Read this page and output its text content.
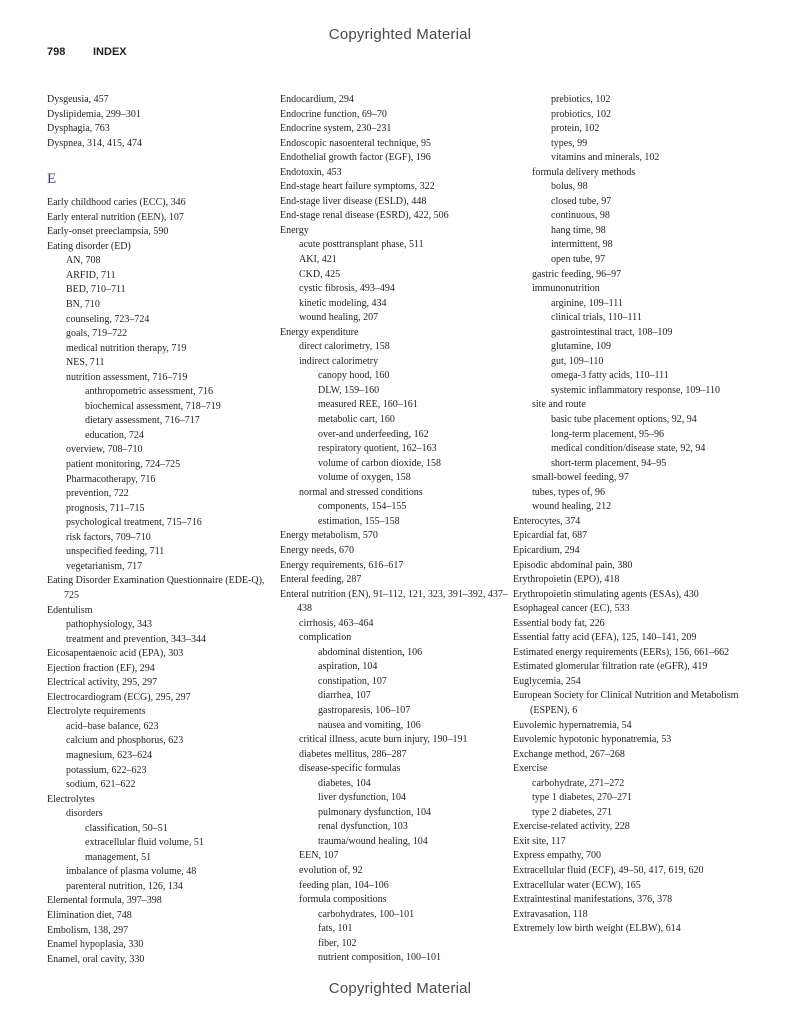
Copyrighted Material
798	INDEX
Dysgeusia, 457
Dyslipidemia, 299–301
Dysphagia, 763
Dyspnea, 314, 415, 474
E
Early childhood caries (ECC), 346
Early enteral nutrition (EEN), 107
Early-onset preeclampsia, 590
Eating disorder (ED)
AN, 708
ARFID, 711
BED, 710–711
BN, 710
counseling, 723–724
goals, 719–722
medical nutrition therapy, 719
NES, 711
nutrition assessment, 716–719
anthropometric assessment, 716
biochemical assessment, 718–719
dietary assessment, 716–717
education, 724
overview, 708–710
patient monitoring, 724–725
Pharmacotherapy, 716
prevention, 722
prognosis, 711–715
psychological treatment, 715–716
risk factors, 709–710
unspecified feeding, 711
vegetarianism, 717
Eating Disorder Examination Questionnaire (EDE-Q), 725
Edentulism
pathophysiology, 343
treatment and prevention, 343–344
Eicosapentaenoic acid (EPA), 303
Ejection fraction (EF), 294
Electrical activity, 295, 297
Electrocardiogram (ECG), 295, 297
Electrolyte requirements
acid–base balance, 623
calcium and phosphorus, 623
magnesium, 623–624
potassium, 622–623
sodium, 621–622
Electrolytes
disorders
classification, 50–51
extracellular fluid volume, 51
management, 51
imbalance of plasma volume, 48
parenteral nutrition, 126, 134
Elemental formula, 397–398
Elimination diet, 748
Embolism, 138, 297
Enamel hypoplasia, 330
Enamel, oral cavity, 330
Endocardium, 294
Endocrine function, 69–70
Endocrine system, 230–231
Endoscopic nasoenteral technique, 95
Endothelial growth factor (EGF), 196
Endotoxin, 453
End-stage heart failure symptoms, 322
End-stage liver disease (ESLD), 448
End-stage renal disease (ESRD), 422, 506
Energy
acute posttransplant phase, 511
AKI, 421
CKD, 425
cystic fibrosis, 493–494
kinetic modeling, 434
wound healing, 207
Energy expenditure
direct calorimetry, 158
indirect calorimetry
canopy hood, 160
DLW, 159–160
measured REE, 160–161
metabolic cart, 160
over-and underfeeding, 162
respiratory quotient, 162–163
volume of carbon dioxide, 158
volume of oxygen, 158
normal and stressed conditions
components, 154–155
estimation, 155–158
Energy metabolism, 570
Energy needs, 670
Energy requirements, 616–617
Enteral feeding, 287
Enteral nutrition (EN), 91–112, 121, 323, 391–392, 437–438
cirrhosis, 463–464
complication
abdominal distention, 106
aspiration, 104
constipation, 107
diarrhea, 107
gastroparesis, 106–107
nausea and vomiting, 106
critical illness, acute burn injury, 190–191
diabetes mellitus, 286–287
disease-specific formulas
diabetes, 104
liver dysfunction, 104
pulmonary dysfunction, 104
renal dysfunction, 103
trauma/wound healing, 104
EEN, 107
evolution of, 92
feeding plan, 104–106
formula compositions
carbohydrates, 100–101
fats, 101
fiber, 102
nutrient composition, 100–101
prebiotics, 102
probiotics, 102
protein, 102
types, 99
vitamins and minerals, 102
formula delivery methods
bolus, 98
closed tube, 97
continuous, 98
hang time, 98
intermittent, 98
open tube, 97
gastric feeding, 96–97
immunonutrition
arginine, 109–111
clinical trials, 110–111
gastrointestinal tract, 108–109
glutamine, 109
gut, 109–110
omega-3 fatty acids, 110–111
systemic inflammatory response, 109–110
site and route
basic tube placement options, 92, 94
long-term placement, 95–96
medical condition/disease state, 92, 94
short-term placement, 94–95
small-bowel feeding, 97
tubes, types of, 96
wound healing, 212
Enterocytes, 374
Epicardial fat, 687
Epicardium, 294
Episodic abdominal pain, 380
Erythropoietin (EPO), 418
Erythropoietin stimulating agents (ESAs), 430
Esophageal cancer (EC), 533
Essential body fat, 226
Essential fatty acid (EFA), 125, 140–141, 209
Estimated energy requirements (EERs), 156, 661–662
Estimated glomerular filtration rate (eGFR), 419
Euglycemia, 254
European Society for Clinical Nutrition and Metabolism (ESPEN), 6
Euvolemic hypernatremia, 54
Euvolemic hypotonic hyponatremia, 53
Exchange method, 267–268
Exercise
carbohydrate, 271–272
type 1 diabetes, 270–271
type 2 diabetes, 271
Exercise-related activity, 228
Exit site, 117
Express empathy, 700
Extracellular fluid (ECF), 49–50, 417, 619, 620
Extracellular water (ECW), 165
Extraintestinal manifestations, 376, 378
Extravasation, 118
Extremely low birth weight (ELBW), 614
Copyrighted Material
